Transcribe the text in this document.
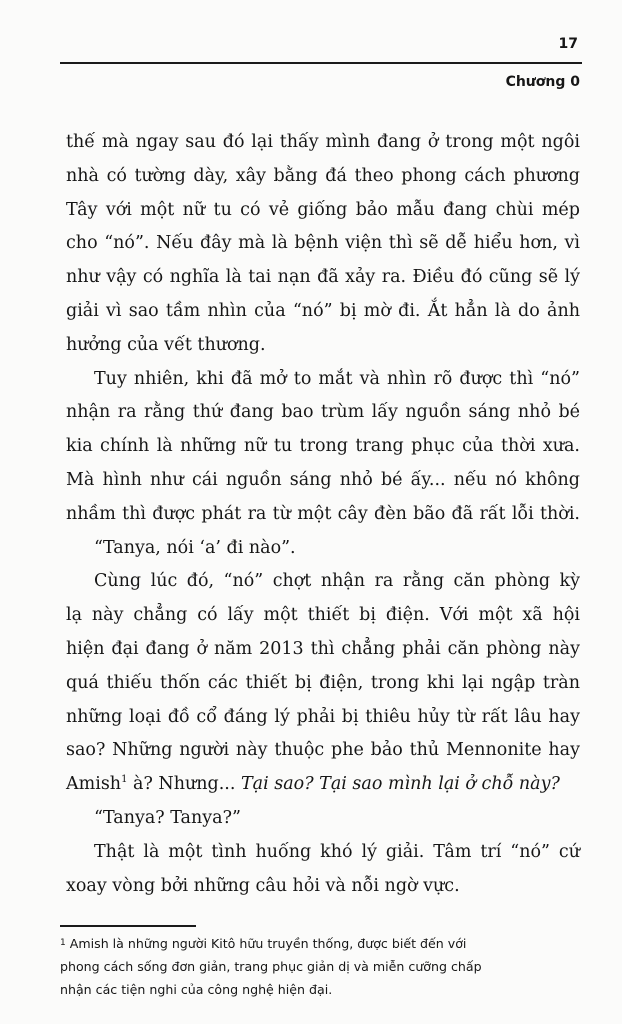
17
Chương 0
thế mà ngay sau đó lại thấy mình đang ở trong một ngôi
nhà có tường dày, xây bằng đá theo phong cách phương
Tây với một nữ tu có vẻ giống bảo mẫu đang chùi mép
cho “nó”. Nếu đây mà là bệnh viện thì sẽ dễ hiểu hơn, vì
như vậy có nghĩa là tai nạn đã xảy ra. Điều đó cũng sẽ lý
giải vì sao tầm nhìn của “nó” bị mờ đi. Ắt hẳn là do ảnh
hưởng của vết thương.
Tuy nhiên, khi đã mở to mắt và nhìn rõ được thì “nó”
nhận ra rằng thứ đang bao trùm lấy nguồn sáng nhỏ bé
kia chính là những nữ tu trong trang phục của thời xưa.
Mà hình như cái nguồn sáng nhỏ bé ấy... nếu nó không
nhầm thì được phát ra từ một cây đèn bão đã rất lỗi thời.
“Tanya, nói ‘a’ đi nào”.
Cùng lúc đó, “nó” chợt nhận ra rằng căn phòng kỳ
lạ này chẳng có lấy một thiết bị điện. Với một xã hội
hiện đại đang ở năm 2013 thì chẳng phải căn phòng này
quá thiếu thốn các thiết bị điện, trong khi lại ngập tràn
những loại đồ cổ đáng lý phải bị thiêu hủy từ rất lâu hay
sao? Những người này thuộc phe bảo thủ Mennonite hay
Amish$^1$ à? Nhưng... Tại sao? Tại sao mình lại ở chỗ này?
“Tanya? Tanya?”
Thật là một tình huống khó lý giải. Tâm trí “nó” cứ
xoay vòng bởi những câu hỏi và nỗi ngờ vực.
$^1$ Amish là những người Kitô hữu truyền thống, được biết đến với
phong cách sống đơn giản, trang phục giản dị và miễn cưỡng chấp
nhận các tiện nghi của công nghệ hiện đại.
